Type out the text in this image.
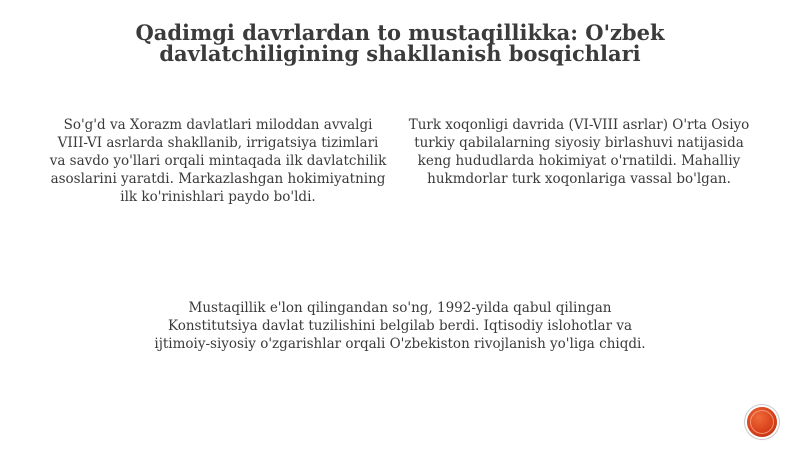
Qadimgi davrlardan to mustaqillikka: O'zbek davlatchiligining shakllanish bosqichlari

So'g'd va Xorazm davlatlari miloddan avvalgi VIII-VI asrlarda shakllanib, irrigatsiya tizimlari va savdo yo'llari orqali mintaqada ilk davlatchilik asoslarini yaratdi. Markazlashgan hokimiyatning ilk ko'rinishlari paydo bo'ldi.

Turk xoqonligi davrida (VI-VIII asrlar) O'rta Osiyo turkiy qabilalarning siyosiy birlashuvi natijasida keng hududlarda hokimiyat o'rnatildi. Mahalliy hukmdorlar turk xoqonlariga vassal bo'lgan.

Mustaqillik e'lon qilingandan so'ng, 1992-yilda qabul qilingan Konstitutsiya davlat tuzilishini belgilab berdi. Iqtisodiy islohotlar va ijtimoiy-siyosiy o'zgarishlar orqali O'zbekiston rivojlanish yo'liga chiqdi.
